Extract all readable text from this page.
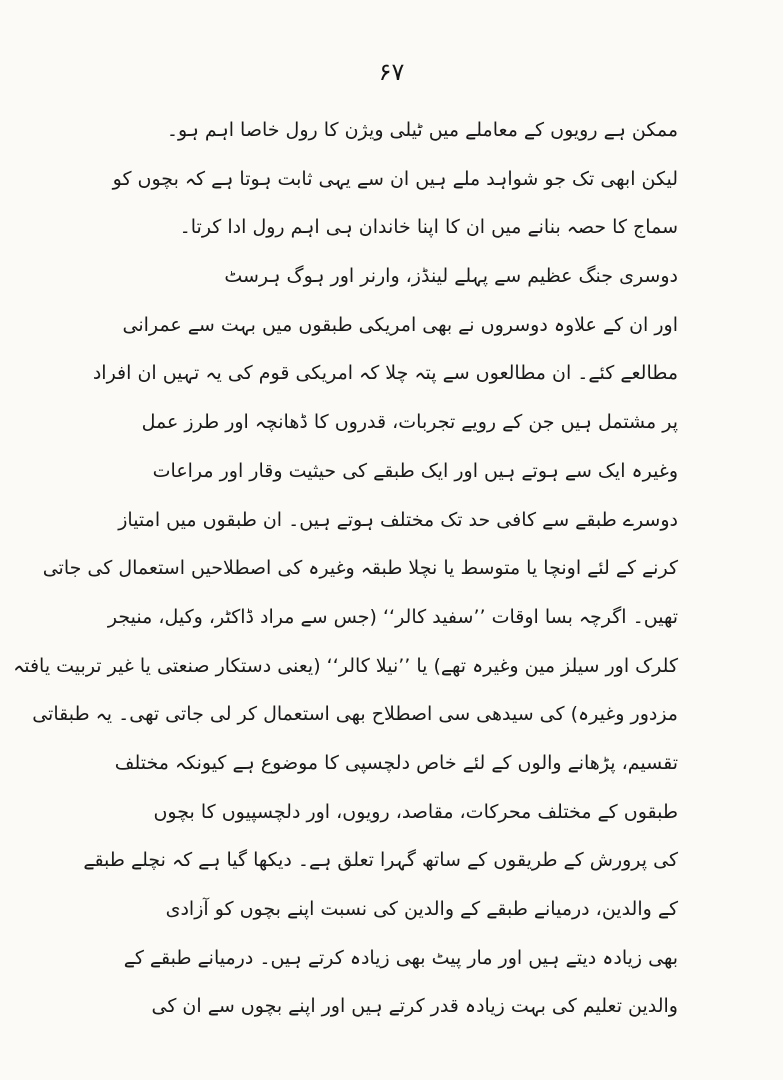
۶۷
ممکن ہے رویوں کے معاملے میں ٹیلی ویژن کا رول خاصا اہم ہو۔
لیکن ابھی تک جو شواہد ملے ہیں ان سے یہی ثابت ہوتا ہے کہ بچوں کو
سماج کا حصہ بنانے میں ان کا اپنا خاندان ہی اہم رول ادا کرتا۔
دوسری جنگ عظیم سے پہلے لینڈز، وارنر اور ہوگ ہرسٹ
اور ان کے علاوہ دوسروں نے بھی امریکی طبقوں میں بہت سے عمرانی
مطالعے کئے۔ ان مطالعوں سے پتہ چلا کہ امریکی قوم کی یہ تہیں ان افراد
پر مشتمل ہیں جن کے رویے تجربات، قدروں کا ڈھانچہ اور طرز عمل
وغیرہ ایک سے ہوتے ہیں اور ایک طبقے کی حیثیت وقار اور مراعات
دوسرے طبقے سے کافی حد تک مختلف ہوتے ہیں۔ ان طبقوں میں امتیاز
کرنے کے لئے اونچا یا متوسط یا نچلا طبقہ وغیرہ کی اصطلاحیں استعمال کی جاتی
تھیں۔ اگرچہ بسا اوقات ’’سفید کالر‘‘ (جس سے مراد ڈاکٹر، وکیل، منیجر
کلرک اور سیلز مین وغیرہ تھے) یا ’’نیلا کالر‘‘ (یعنی دستکار صنعتی یا غیر تربیت یافتہ
مزدور وغیرہ) کی سیدھی سی اصطلاح بھی استعمال کر لی جاتی تھی۔ یہ طبقاتی
تقسیم، پڑھانے والوں کے لئے خاص دلچسپی کا موضوع ہے کیونکہ مختلف
طبقوں کے مختلف محرکات، مقاصد، رویوں، اور دلچسپیوں کا بچوں
کی پرورش کے طریقوں کے ساتھ گہرا تعلق ہے۔ دیکھا گیا ہے کہ نچلے طبقے
کے والدین، درمیانے طبقے کے والدین کی نسبت اپنے بچوں کو آزادی
بھی زیادہ دیتے ہیں اور مار پیٹ بھی زیادہ کرتے ہیں۔ درمیانے طبقے کے
والدین تعلیم کی بہت زیادہ قدر کرتے ہیں اور اپنے بچوں سے ان کی
